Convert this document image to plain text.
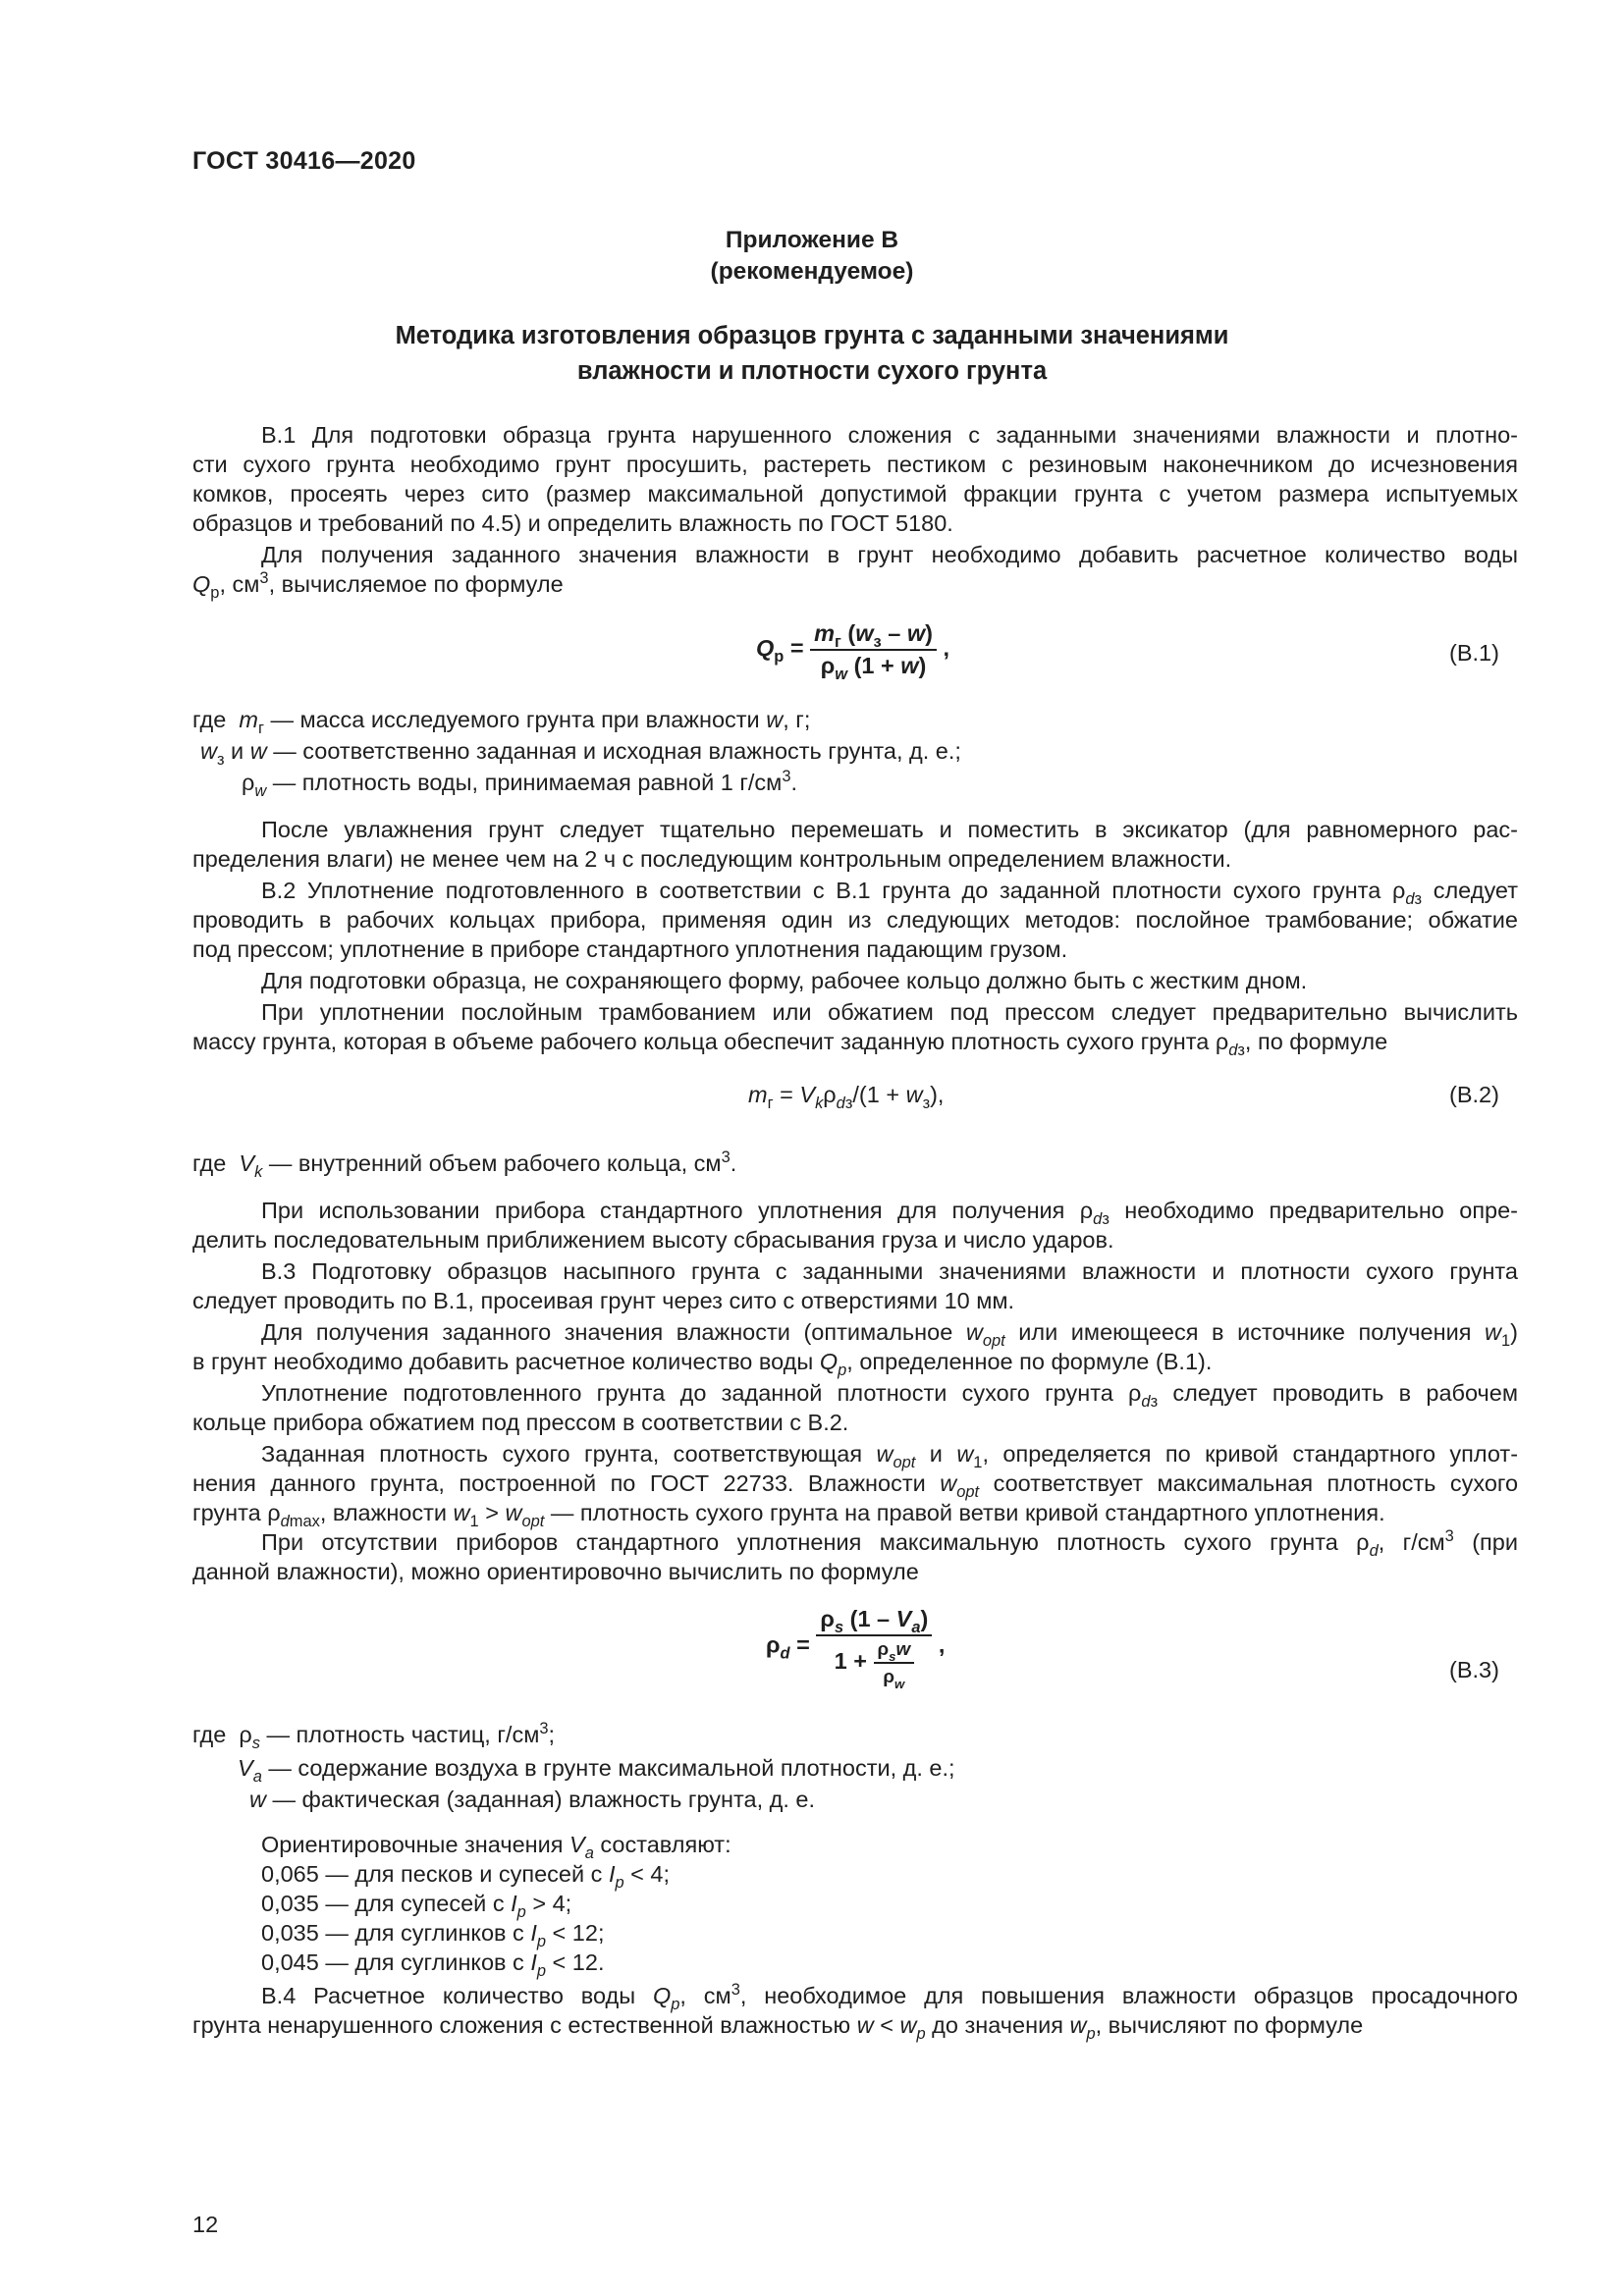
ГОСТ 30416—2020
Приложение В
(рекомендуемое)
Методика изготовления образцов грунта с заданными значениями
влажности и плотности сухого грунта
В.1 Для подготовки образца грунта нарушенного сложения с заданными значениями влажности и плотно-
сти сухого грунта необходимо грунт просушить, растереть пестиком с резиновым наконечником до исчезновения
комков, просеять через сито (размер максимальной допустимой фракции грунта с учетом размера испытуемых
образцов и требований по 4.5) и определить влажность по ГОСТ 5180.
Для получения заданного значения влажности в грунт необходимо добавить расчетное количество воды
$Q_р$, $см^3$, вычисляемое по формуле
$Q_р = \frac{m_г (w_з - w)}{\rho_w (1 + w)}$ ,	(В.1)
где $m_г$ — масса исследуемого грунта при влажности w, г;
$w_з$ и w — соответственно заданная и исходная влажность грунта, д. е.;
$\rho_w$ — плотность воды, принимаемая равной 1 $г/см^3$.
После увлажнения грунт следует тщательно перемешать и поместить в эксикатор (для равномерного рас-
пределения влаги) не менее чем на 2 ч с последующим контрольным определением влажности.
В.2 Уплотнение подготовленного в соответствии с В.1 грунта до заданной плотности сухого грунта $\rho_{dз}$ следует
проводить в рабочих кольцах прибора, применяя один из следующих методов: послойное трамбование; обжатие
под прессом; уплотнение в приборе стандартного уплотнения падающим грузом.
Для подготовки образца, не сохраняющего форму, рабочее кольцо должно быть с жестким дном.
При уплотнении послойным трамбованием или обжатием под прессом следует предварительно вычислить
массу грунта, которая в объеме рабочего кольца обеспечит заданную плотность сухого грунта $\rho_{dз}$, по формуле
$m_г = V_k\rho_{dз}/(1 + w_з)$,	(В.2)
где $V_k$ — внутренний объем рабочего кольца, $см^3$.
При использовании прибора стандартного уплотнения для получения $\rho_{dз}$ необходимо предварительно опре-
делить последовательным приближением высоту сбрасывания груза и число ударов.
В.3 Подготовку образцов насыпного грунта с заданными значениями влажности и плотности сухого грунта
следует проводить по В.1, просеивая грунт через сито с отверстиями 10 мм.
Для получения заданного значения влажности (оптимальное $w_{opt}$ или имеющееся в источнике получения $w_1$)
в грунт необходимо добавить расчетное количество воды $Q_p$, определенное по формуле (В.1).
Уплотнение подготовленного грунта до заданной плотности сухого грунта $\rho_{dз}$ следует проводить в рабочем
кольце прибора обжатием под прессом в соответствии с В.2.
Заданная плотность сухого грунта, соответствующая $w_{opt}$ и $w_1$, определяется по кривой стандартного уплот-
нения данного грунта, построенной по ГОСТ 22733. Влажности $w_{opt}$ соответствует максимальная плотность сухого
грунта $\rho_{dmax}$, влажности $w_1 > w_{opt}$ — плотность сухого грунта на правой ветви кривой стандартного уплотнения.
При отсутствии приборов стандартного уплотнения максимальную плотность сухого грунта $\rho_d$, $г/см^3$ (при
данной влажности), можно ориентировочно вычислить по формуле
$\rho_d = \frac{\rho_s (1 - V_a)}{1 + \frac{\rho_sw}{\rho_w}}$ ,
(В.3)
где  $\rho_s$ — плотность частиц, $г/см^3$;
$V_a$ — содержание воздуха в грунте максимальной плотности, д. е.;
w — фактическая (заданная) влажность грунта, д. е.
Ориентировочные значения $V_a$ составляют:
0,065 — для песков и супесей с $I_p < 4$;
0,035 — для супесей с $I_p > 4$;
0,035 — для суглинков с $I_p < 12$;
0,045 — для суглинков с $I_p < 12$.
В.4 Расчетное количество воды $Q_p$, $см^3$, необходимое для повышения влажности образцов просадочного
грунта ненарушенного сложения с естественной влажностью $w < w_p$ до значения $w_p$, вычисляют по формуле
12
